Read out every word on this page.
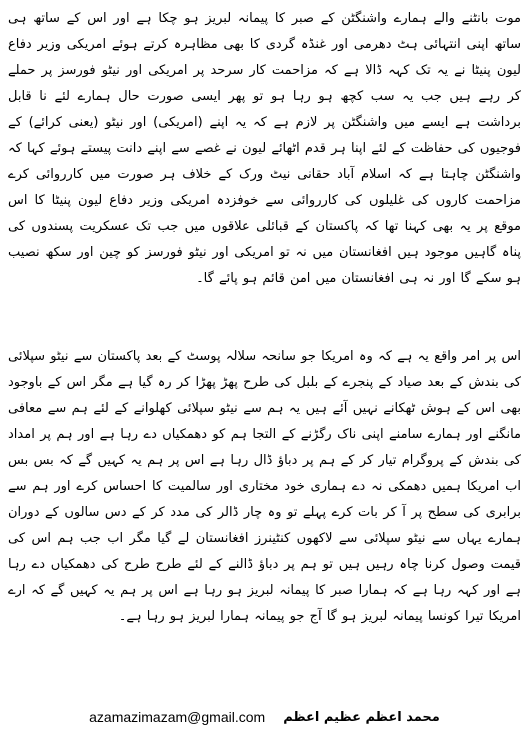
موت بانٹنے والے ہمارے واشنگٹن کے صبر کا پیمانہ لبریز ہو چکا ہے اور اس کے ساتھ ہی ساتھ اپنی انتہائی ہٹ دھرمی اور غنڈہ گردی کا بھی مظاہرہ کرتے ہوئے امریکی وزیر دفاع لیون پنیٹا نے یہ تک کہہ ڈالا ہے کہ مزاحمت کار سرحد پر امریکی اور نیٹو فورسز پر حملے کر رہے ہیں جب یہ سب کچھ ہو رہا ہو تو پھر ایسی صورت حال ہمارے لئے نا قابل برداشت ہے ایسے میں واشنگٹن پر لازم ہے کہ یہ اپنے (امریکی) اور نیٹو (یعنی کرائے) کے فوجیوں کی حفاظت کے لئے اپنا ہر قدم اٹھائے لیون نے غصے سے اپنے دانت پیستے ہوئے کہا کہ واشنگٹن چاہتا ہے کہ اسلام آباد حقانی نیٹ ورک کے خلاف ہر صورت میں کارروائی کرے مزاحمت کاروں کی غلیلوں کی کارروائی سے خوفزدہ امریکی وزیر دفاع لیون پنیٹا کا اس موقع پر یہ بھی کہنا تھا کہ پاکستان کے قبائلی علاقوں میں جب تک عسکریت پسندوں کی پناہ گاہیں موجود ہیں افغانستان میں نہ تو امریکی اور نیٹو فورسز کو چین اور سکھ نصیب ہو سکے گا اور نہ ہی افغانستان میں امن قائم ہو پائے گا۔

اس پر امر واقع یہ ہے کہ وہ امریکا جو سانحہ سلالہ پوسٹ کے بعد پاکستان سے نیٹو سپلائی کی بندش کے بعد صیاد کے پنجرے کے بلبل کی طرح پھڑ پھڑا کر رہ گیا ہے مگر اس کے باوجود بھی اس کے ہوش ٹھکانے نہیں آئے ہیں یہ ہم سے نیٹو سپلائی کھلوانے کے لئے ہم سے معافی مانگنے اور ہمارے سامنے اپنی ناک رگڑنے کے التجا ہم کو دھمکیاں دے رہا ہے اور ہم پر امداد کی بندش کے پروگرام تیار کر کے ہم پر دباؤ ڈال رہا ہے اس پر ہم یہ کہیں گے کہ بس بس اب امریکا ہمیں دھمکی نہ دے ہماری خود مختاری اور سالمیت کا احساس کرے اور ہم سے برابری کی سطح پر آ کر بات کرے پہلے تو وہ چار ڈالر کی مدد کر کے دس سالوں کے دوران ہمارے یہاں سے نیٹو سپلائی سے لاکھوں کنٹینرز افغانستان لے گیا مگر اب جب ہم اس کی قیمت وصول کرنا چاہ رہیں ہیں تو ہم پر دباؤ ڈالنے کے لئے طرح طرح کی دھمکیاں دے رہا ہے اور کہہ رہا ہے کہ ہمارا صبر کا پیمانہ لبریز ہو رہا ہے اس پر ہم یہ کہیں گے کہ ارے امریکا تیرا کونسا پیمانہ لبریز ہو گا آج جو پیمانہ ہمارا لبریز ہو رہا ہے۔

azamazimazam@gmail.com محمد اعظم عظیم اعظم
